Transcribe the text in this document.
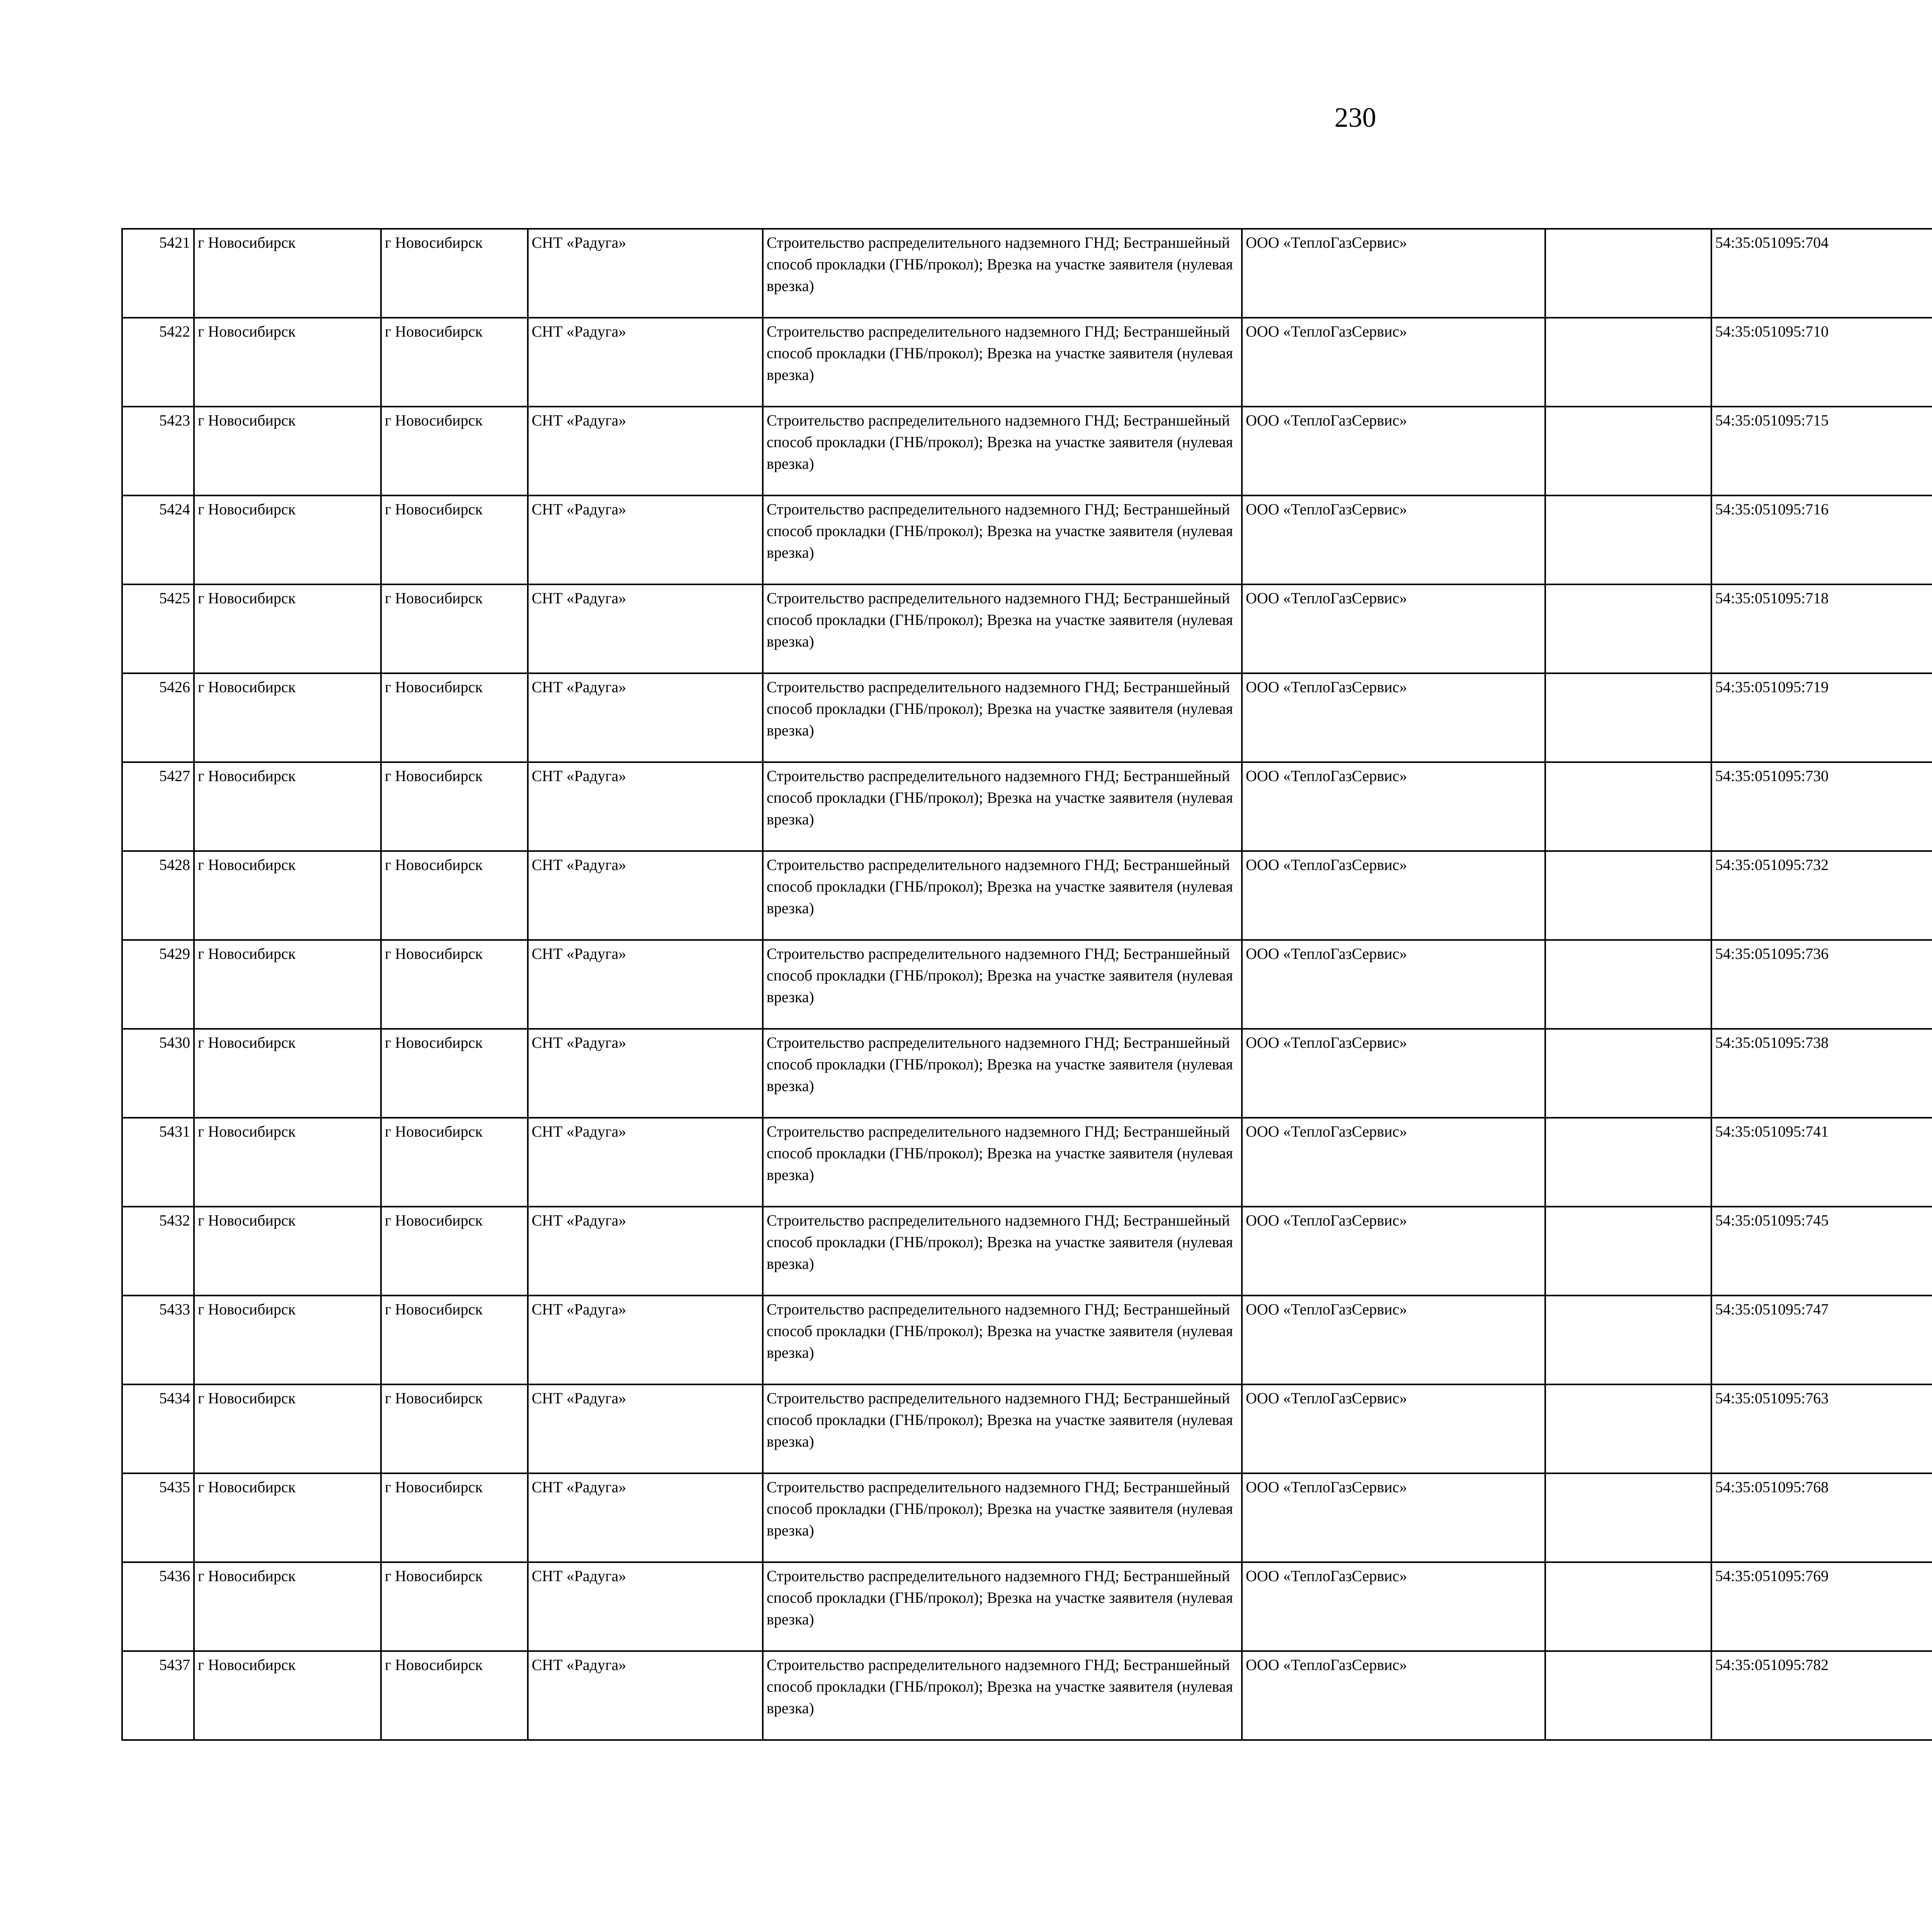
230
5421	г Новосибирск	г Новосибирск	СНТ «Радуга»	Строительство распределительного надземного ГНД; Бестраншейный способ прокладки (ГНБ/прокол); Врезка на участке заявителя (нулевая врезка)	ООО «ТеплоГазСервис»		54:35:051095:704					
5422	г Новосибирск	г Новосибирск	СНТ «Радуга»	Строительство распределительного надземного ГНД; Бестраншейный способ прокладки (ГНБ/прокол); Врезка на участке заявителя (нулевая врезка)	ООО «ТеплоГазСервис»		54:35:051095:710					
5423	г Новосибирск	г Новосибирск	СНТ «Радуга»	Строительство распределительного надземного ГНД; Бестраншейный способ прокладки (ГНБ/прокол); Врезка на участке заявителя (нулевая врезка)	ООО «ТеплоГазСервис»		54:35:051095:715					
5424	г Новосибирск	г Новосибирск	СНТ «Радуга»	Строительство распределительного надземного ГНД; Бестраншейный способ прокладки (ГНБ/прокол); Врезка на участке заявителя (нулевая врезка)	ООО «ТеплоГазСервис»		54:35:051095:716					
5425	г Новосибирск	г Новосибирск	СНТ «Радуга»	Строительство распределительного надземного ГНД; Бестраншейный способ прокладки (ГНБ/прокол); Врезка на участке заявителя (нулевая врезка)	ООО «ТеплоГазСервис»		54:35:051095:718					
5426	г Новосибирск	г Новосибирск	СНТ «Радуга»	Строительство распределительного надземного ГНД; Бестраншейный способ прокладки (ГНБ/прокол); Врезка на участке заявителя (нулевая врезка)	ООО «ТеплоГазСервис»		54:35:051095:719					
5427	г Новосибирск	г Новосибирск	СНТ «Радуга»	Строительство распределительного надземного ГНД; Бестраншейный способ прокладки (ГНБ/прокол); Врезка на участке заявителя (нулевая врезка)	ООО «ТеплоГазСервис»		54:35:051095:730					
5428	г Новосибирск	г Новосибирск	СНТ «Радуга»	Строительство распределительного надземного ГНД; Бестраншейный способ прокладки (ГНБ/прокол); Врезка на участке заявителя (нулевая врезка)	ООО «ТеплоГазСервис»		54:35:051095:732					
5429	г Новосибирск	г Новосибирск	СНТ «Радуга»	Строительство распределительного надземного ГНД; Бестраншейный способ прокладки (ГНБ/прокол); Врезка на участке заявителя (нулевая врезка)	ООО «ТеплоГазСервис»		54:35:051095:736					
5430	г Новосибирск	г Новосибирск	СНТ «Радуга»	Строительство распределительного надземного ГНД; Бестраншейный способ прокладки (ГНБ/прокол); Врезка на участке заявителя (нулевая врезка)	ООО «ТеплоГазСервис»		54:35:051095:738					
5431	г Новосибирск	г Новосибирск	СНТ «Радуга»	Строительство распределительного надземного ГНД; Бестраншейный способ прокладки (ГНБ/прокол); Врезка на участке заявителя (нулевая врезка)	ООО «ТеплоГазСервис»		54:35:051095:741					
5432	г Новосибирск	г Новосибирск	СНТ «Радуга»	Строительство распределительного надземного ГНД; Бестраншейный способ прокладки (ГНБ/прокол); Врезка на участке заявителя (нулевая врезка)	ООО «ТеплоГазСервис»		54:35:051095:745					
5433	г Новосибирск	г Новосибирск	СНТ «Радуга»	Строительство распределительного надземного ГНД; Бестраншейный способ прокладки (ГНБ/прокол); Врезка на участке заявителя (нулевая врезка)	ООО «ТеплоГазСервис»		54:35:051095:747					
5434	г Новосибирск	г Новосибирск	СНТ «Радуга»	Строительство распределительного надземного ГНД; Бестраншейный способ прокладки (ГНБ/прокол); Врезка на участке заявителя (нулевая врезка)	ООО «ТеплоГазСервис»		54:35:051095:763					
5435	г Новосибирск	г Новосибирск	СНТ «Радуга»	Строительство распределительного надземного ГНД; Бестраншейный способ прокладки (ГНБ/прокол); Врезка на участке заявителя (нулевая врезка)	ООО «ТеплоГазСервис»		54:35:051095:768					
5436	г Новосибирск	г Новосибирск	СНТ «Радуга»	Строительство распределительного надземного ГНД; Бестраншейный способ прокладки (ГНБ/прокол); Врезка на участке заявителя (нулевая врезка)	ООО «ТеплоГазСервис»		54:35:051095:769					
5437	г Новосибирск	г Новосибирск	СНТ «Радуга»	Строительство распределительного надземного ГНД; Бестраншейный способ прокладки (ГНБ/прокол); Врезка на участке заявителя (нулевая врезка)	ООО «ТеплоГазСервис»		54:35:051095:782					
